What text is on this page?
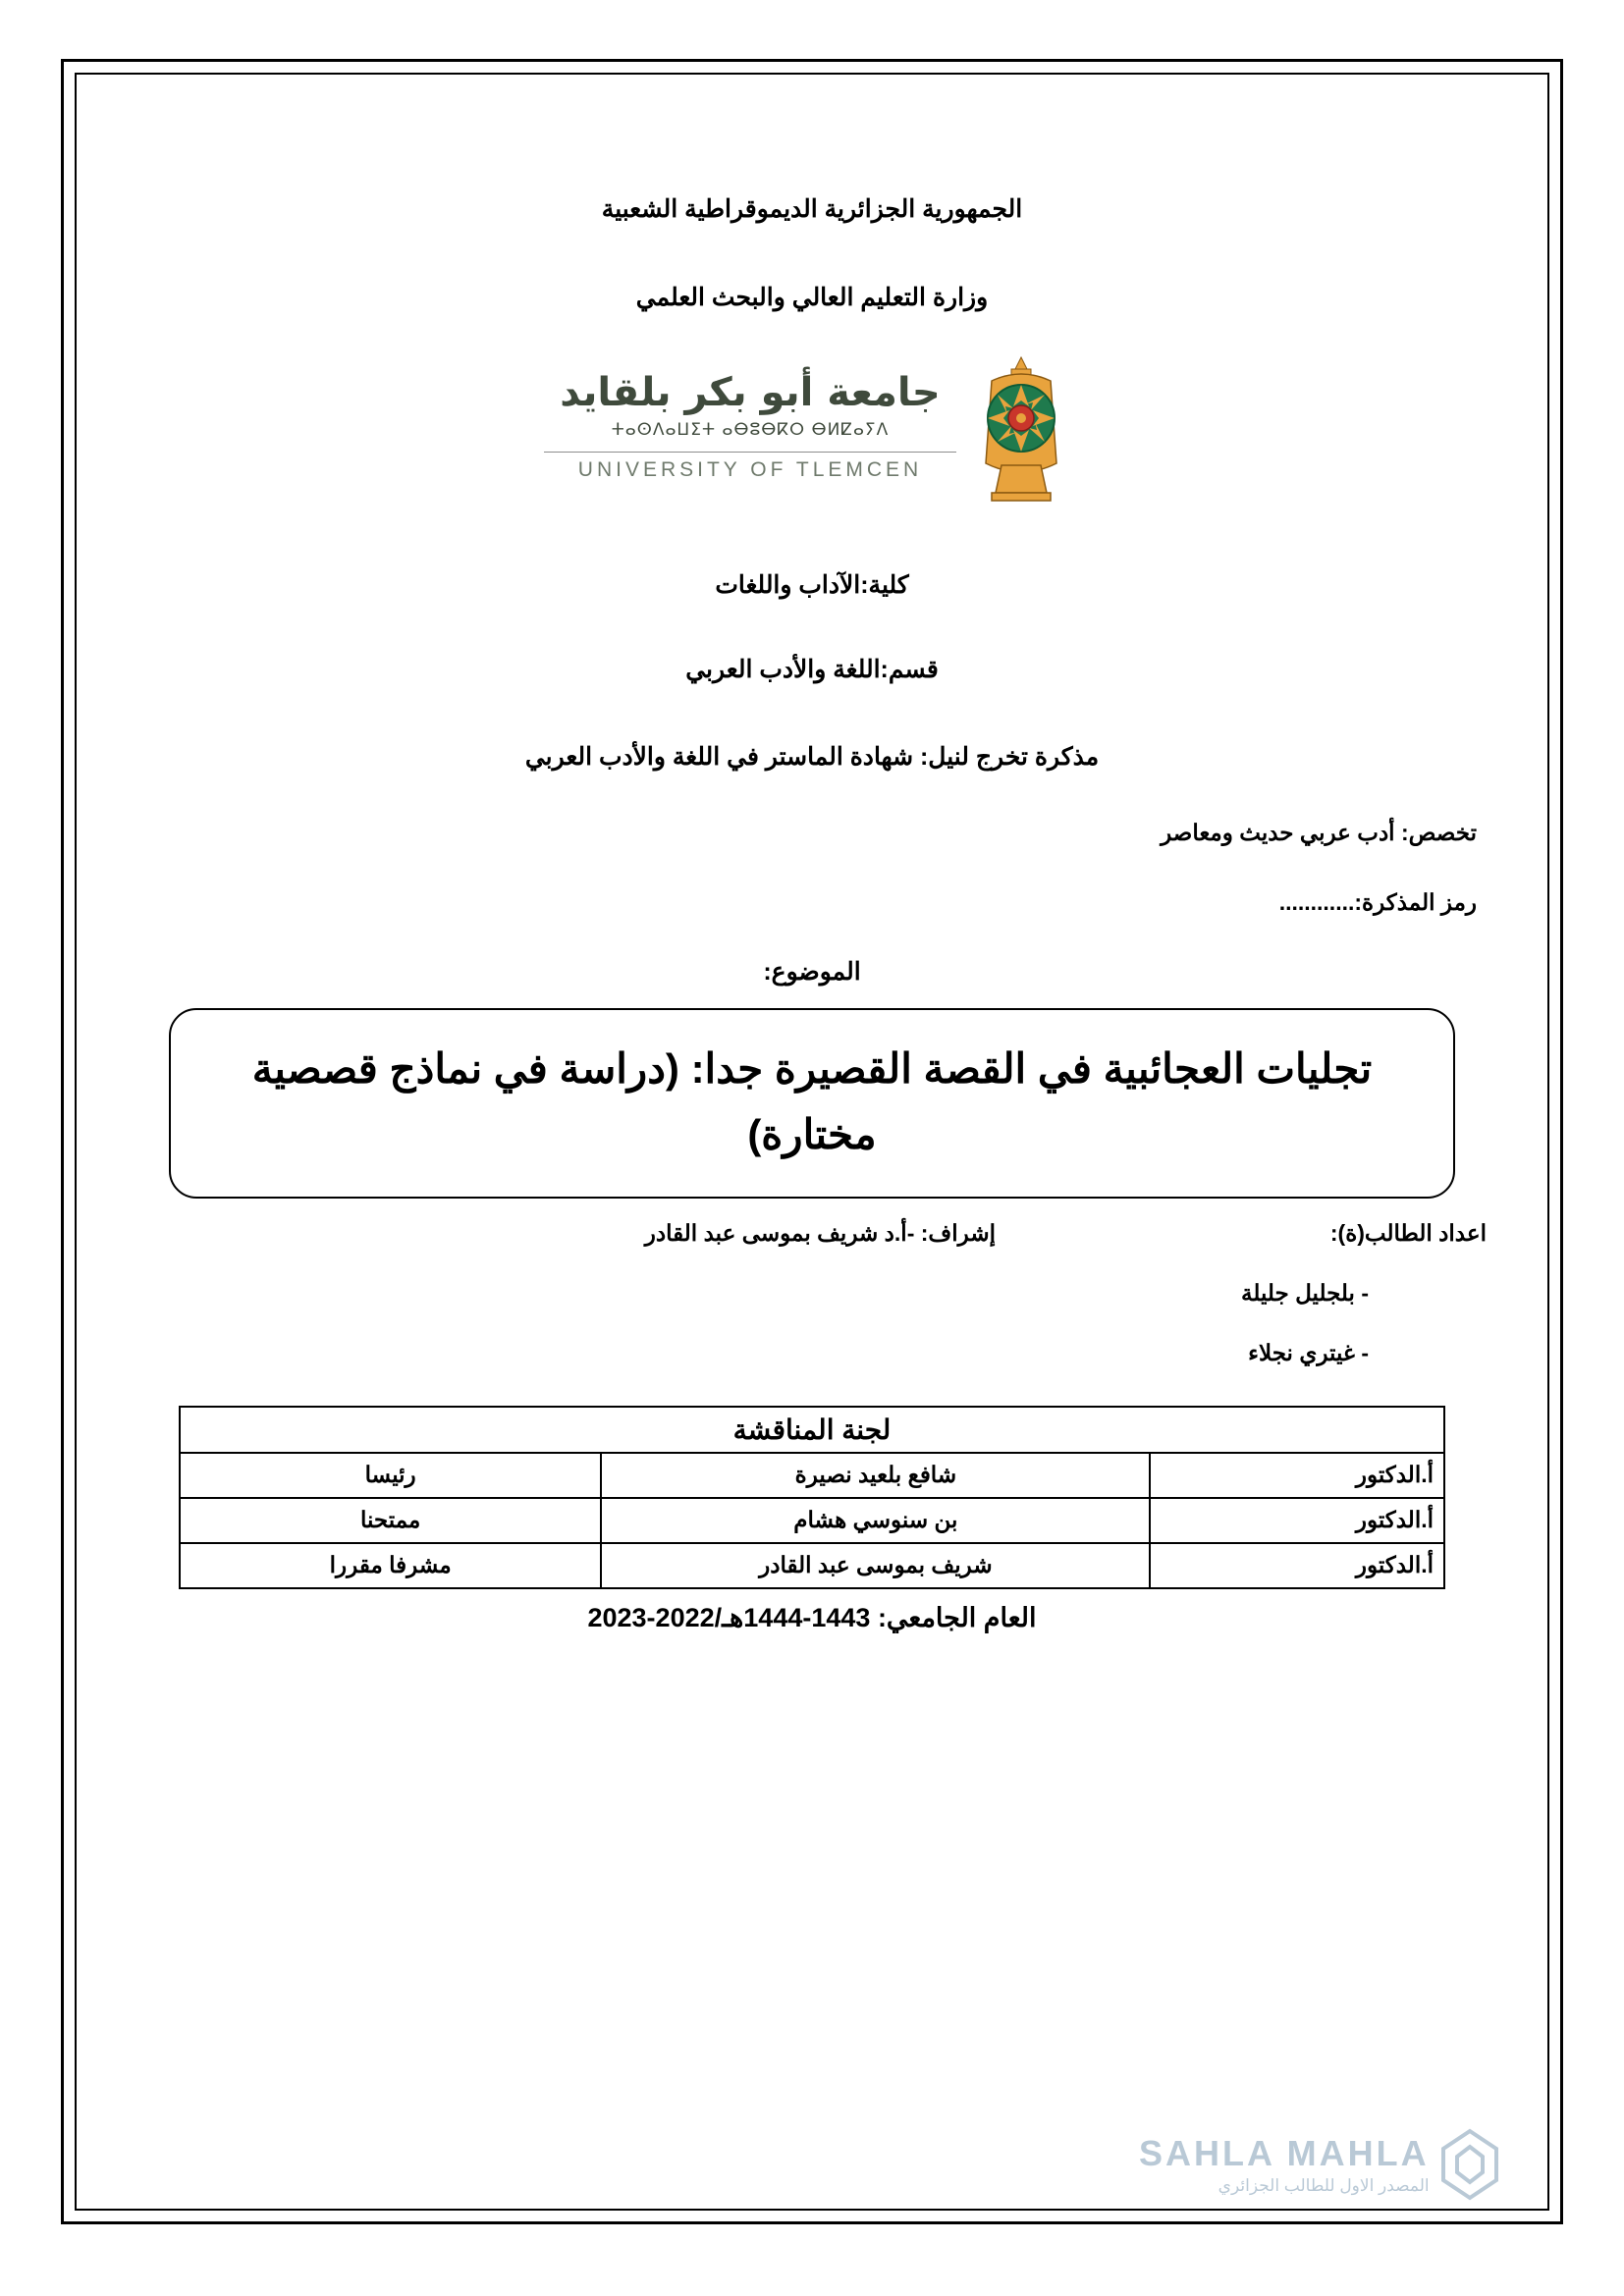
الجمهورية الجزائرية الديموقراطية الشعبية
وزارة التعليم العالي والبحث العلمي
جامعة أبو بكر بلقايد
ⵜⴰⵙⴷⴰⵡⵉⵜ ⴰⴱⵓⴱⴽⵔ ⴱⵍⵇⴰⵢⴷ
UNIVERSITY OF TLEMCEN
كلية:الآداب واللغات
قسم:اللغة والأدب العربي
مذكرة تخرج لنيل: شهادة الماستر في اللغة والأدب العربي
تخصص: أدب عربي حديث ومعاصر
رمز المذكرة:............
الموضوع:
تجليات العجائبية في القصة القصيرة جدا: (دراسة في نماذج قصصية مختارة)
اعداد الطالب(ة):
إشراف: -أ.د شريف بموسى عبد القادر
- بلجليل جليلة
- غيتري نجلاء
لجنة المناقشة		
أ.الدكتور	شافع بلعيد نصيرة	رئيسا
أ.الدكتور	بن سنوسي هشام	ممتحنا
أ.الدكتور	شريف بموسى عبد القادر	مشرفا مقررا
العام الجامعي: 1443-1444هـ/2022-2023
SAHLA MAHLA
المصدر الاول للطالب الجزائري
